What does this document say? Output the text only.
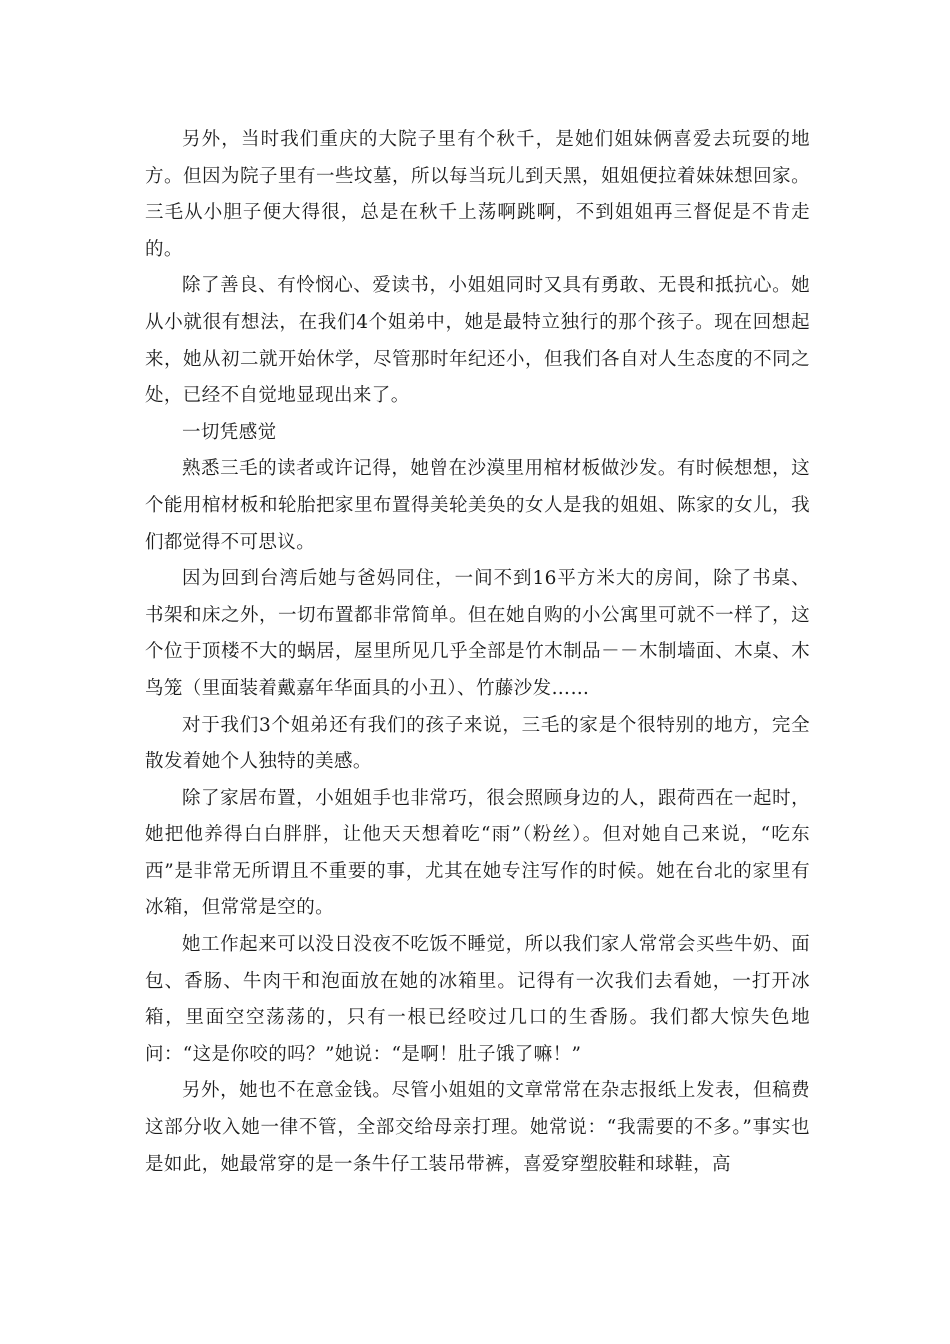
另外，当时我们重庆的大院子里有个秋千，是她们姐妹俩喜爱去玩耍的地方。但因为院子里有一些坟墓，所以每当玩儿到天黑，姐姐便拉着妹妹想回家。三毛从小胆子便大得很，总是在秋千上荡啊跳啊，不到姐姐再三督促是不肯走的。

除了善良、有怜悯心、爱读书，小姐姐同时又具有勇敢、无畏和抵抗心。她从小就很有想法，在我们4个姐弟中，她是最特立独行的那个孩子。现在回想起来，她从初二就开始休学，尽管那时年纪还小，但我们各自对人生态度的不同之处，已经不自觉地显现出来了。

一切凭感觉

熟悉三毛的读者或许记得，她曾在沙漠里用棺材板做沙发。有时候想想，这个能用棺材板和轮胎把家里布置得美轮美奂的女人是我的姐姐、陈家的女儿，我们都觉得不可思议。

因为回到台湾后她与爸妈同住，一间不到16平方米大的房间，除了书桌、书架和床之外，一切布置都非常简单。但在她自购的小公寓里可就不一样了，这个位于顶楼不大的蜗居，屋里所见几乎全部是竹木制品－－木制墙面、木桌、木鸟笼（里面装着戴嘉年华面具的小丑）、竹藤沙发……

对于我们3个姐弟还有我们的孩子来说，三毛的家是个很特别的地方，完全散发着她个人独特的美感。

除了家居布置，小姐姐手也非常巧，很会照顾身边的人，跟荷西在一起时，她把他养得白白胖胖，让他天天想着吃“雨”（粉丝）。但对她自己来说，“吃东西”是非常无所谓且不重要的事，尤其在她专注写作的时候。她在台北的家里有冰箱，但常常是空的。

她工作起来可以没日没夜不吃饭不睡觉，所以我们家人常常会买些牛奶、面包、香肠、牛肉干和泡面放在她的冰箱里。记得有一次我们去看她，一打开冰箱，里面空空荡荡的，只有一根已经咬过几口的生香肠。我们都大惊失色地问：“这是你咬的吗？”她说：“是啊！肚子饿了嘛！”

另外，她也不在意金钱。尽管小姐姐的文章常常在杂志报纸上发表，但稿费这部分收入她一律不管，全部交给母亲打理。她常说：“我需要的不多。”事实也是如此，她最常穿的是一条牛仔工装吊带裤，喜爱穿塑胶鞋和球鞋，高
